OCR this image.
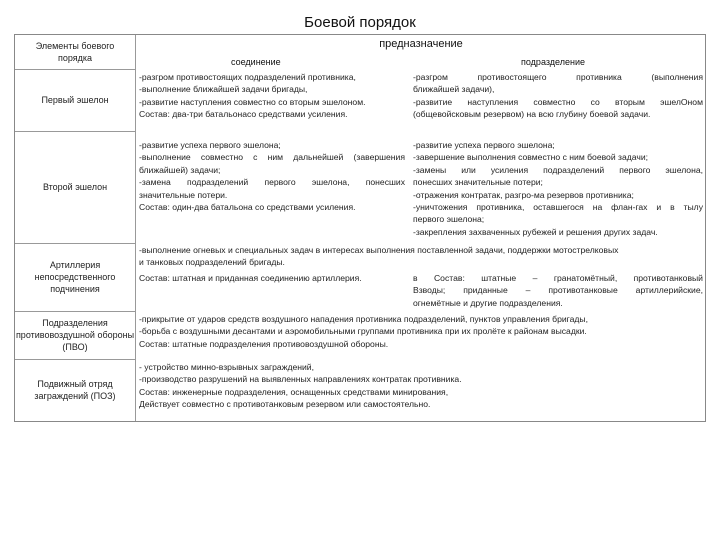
Боевой порядок
Элементы боевого
порядка
предназначение
соединение	подразделение
Первый эшелон
-разгром противостоящих подразделений противника,
-выполнение ближайшей задачи бригады,
-развитие наступления совместно со вторым эшелоном.
Состав: два-три батальонасо средствами усиления.
-разгром противостоящего противника (выполнения
ближайшей задачи),
-развитие наступления совместно со вторым эшелОном
(общевойсковым резервом) на всю глубину боевой задачи.
Второй эшелон
-развитие успеха первого эшелона;
-выполнение совместно с ним дальнейшей (завершения
ближайшей) задачи;
-замена подразделений первого эшелона, понесших
значительные потери.
Состав: один-два батальона со средствами усиления.
-развитие успеха первого эшелона;
-завершение выполнения совместно с ним боевой задачи;
-замены или усиления подразделений первого эшелона,
понесших значительные потери;
-отражения контратак, разгро-ма резервов противника;
-уничтожения противника, оставшегося на флан-гах и в тылу
первого эшелона;
-закрепления захваченных рубежей и решения других задач.
Артиллерия непосредственного подчинения
-выполнение огневых и специальных задач в интересах выполнения поставленной задачи, поддержки мотострелковых
и танковых подразделений бригады.
Состав: штатная и приданная соединению артиллерия.	в Состав: штатные – гранатомётный, противотанковый
Взводы; приданные – противотанковые артиллерийские,
огнемётные и другие подразделения.
Подразделения противовоздушной обороны (ПВО)
-прикрытие от ударов средств воздушного нападения противника подразделений, пунктов управления бригады,
-борьба с воздушными десантами и аэромобильными группами противника при их пролёте к районам высадки.
Состав: штатные подразделения противовоздушной обороны.
Подвижный отряд заграждений (ПОЗ)
- устройство минно-взрывных заграждений,
-производство разрушений на выявленных направлениях контратак противника.
Состав: инженерные подразделения, оснащенных средствами минирования,
Действует совместно с противотанковым резервом или самостоятельно.
